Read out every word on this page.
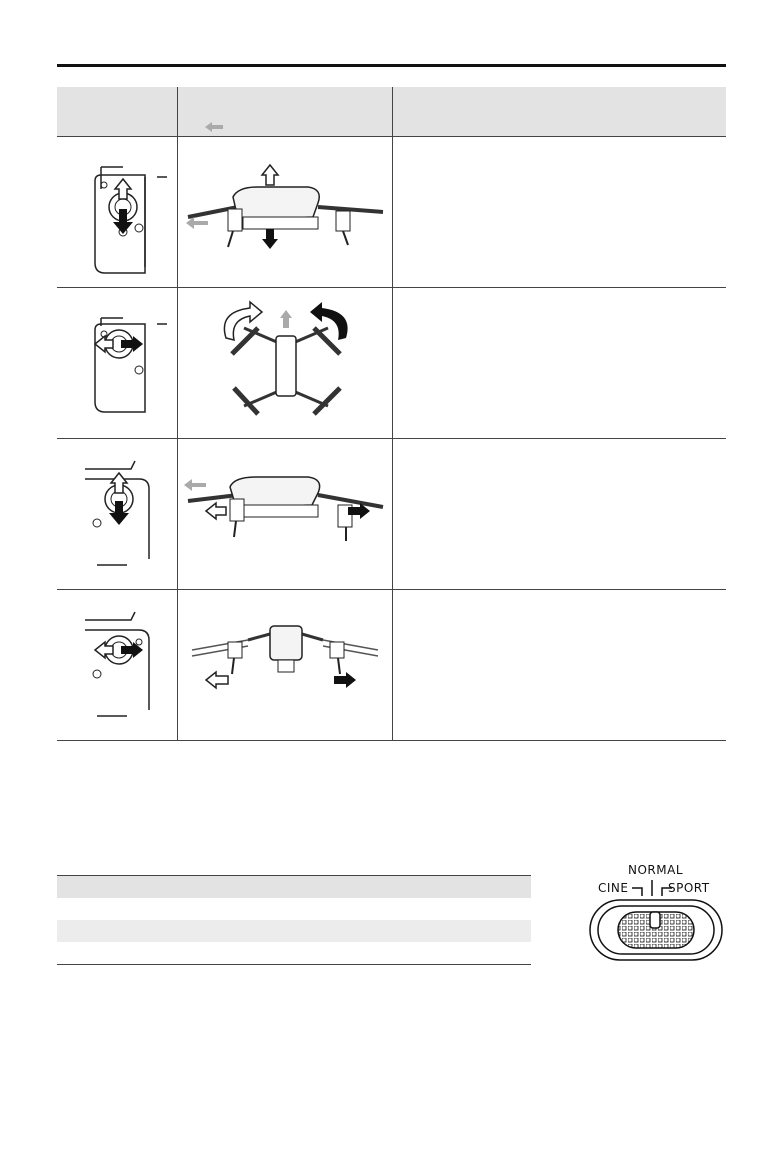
NORMAL
CINE	SPORT
